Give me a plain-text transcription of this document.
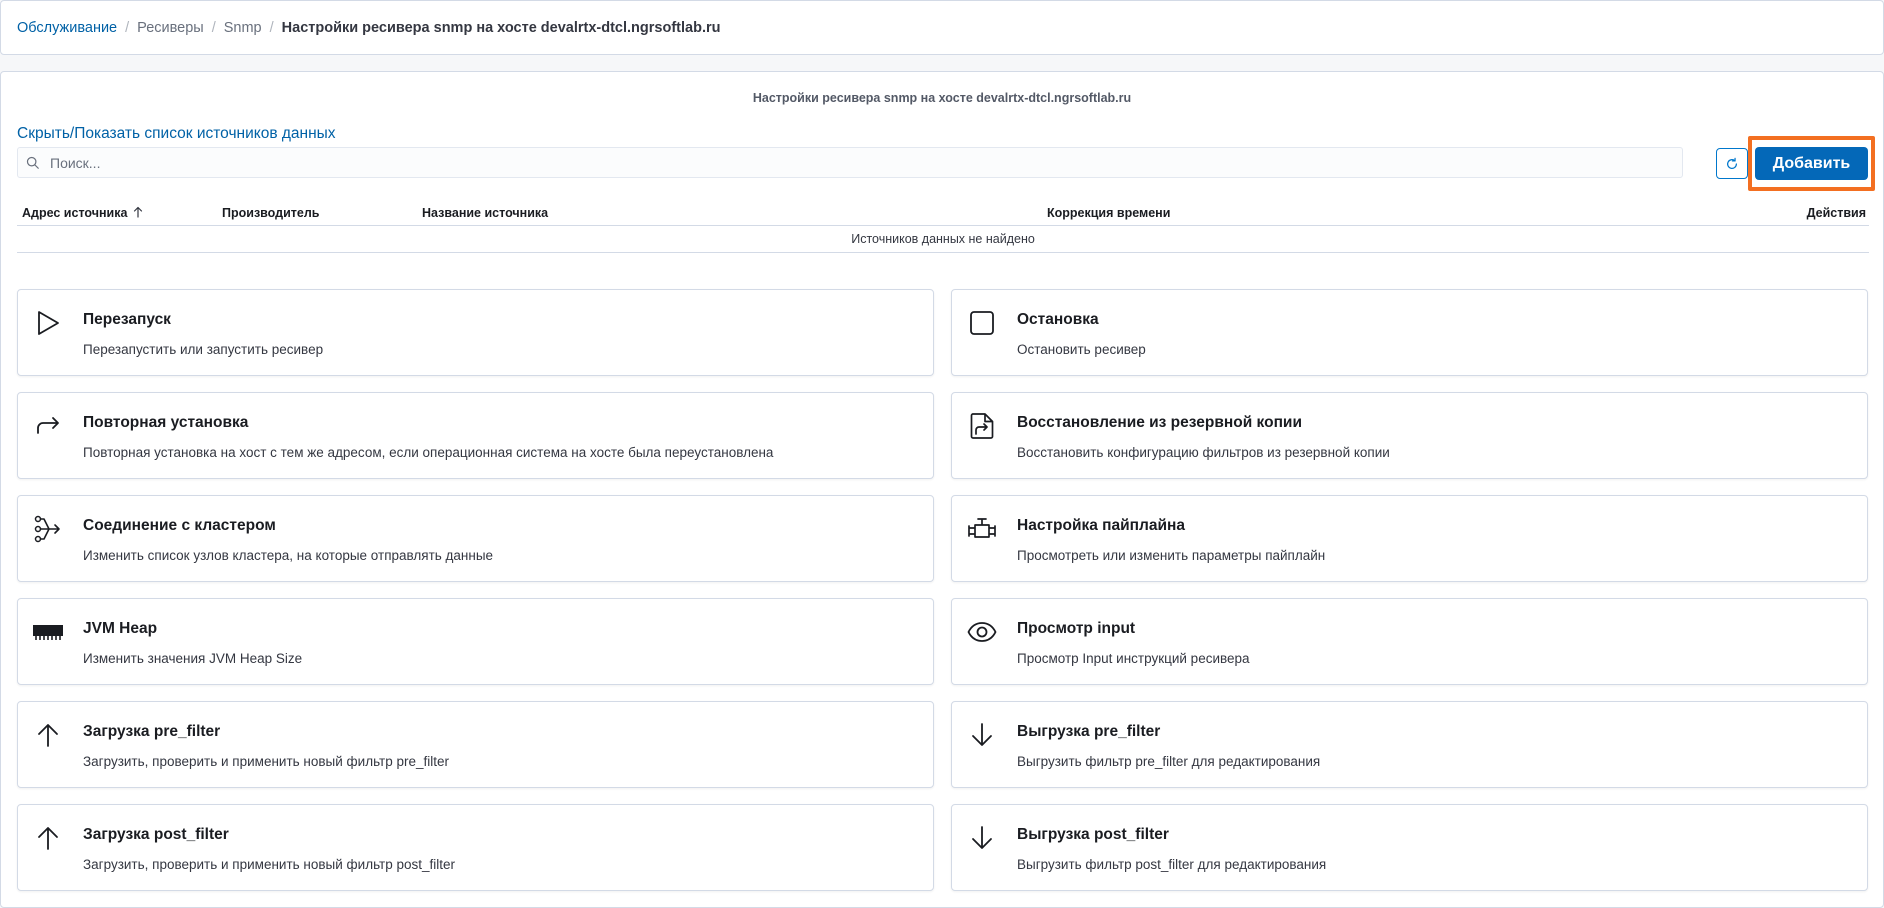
Обслуживание / Ресиверы / Snmp / Настройки ресивера snmp на хосте devalrtx-dtcl.ngrsoftlab.ru
Настройки ресивера snmp на хосте devalrtx-dtcl.ngrsoftlab.ru
Скрыть/Показать список источников данных
Поиск...
Добавить
Адрес источника	Производитель	Название источника	Коррекция времени	Действия
Источников данных не найдено
Перезапуск
Перезапустить или запустить ресивер
Остановка
Остановить ресивер
Повторная установка
Повторная установка на хост с тем же адресом, если операционная система на хосте была переустановлена
Восстановление из резервной копии
Восстановить конфигурацию фильтров из резервной копии
Соединение с кластером
Изменить список узлов кластера, на которые отправлять данные
Настройка пайплайна
Просмотреть или изменить параметры пайплайн
JVM Heap
Изменить значения JVM Heap Size
Просмотр input
Просмотр Input инструкций ресивера
Загрузка pre_filter
Загрузить, проверить и применить новый фильтр pre_filter
Выгрузка pre_filter
Выгрузить фильтр pre_filter для редактирования
Загрузка post_filter
Загрузить, проверить и применить новый фильтр post_filter
Выгрузка post_filter
Выгрузить фильтр post_filter для редактирования
